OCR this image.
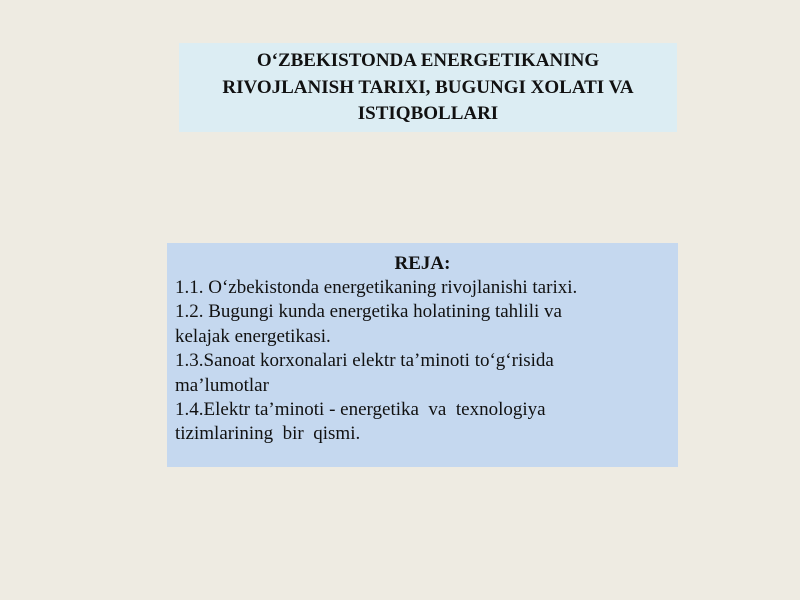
O‘ZBEKISTONDA ENERGETIKANING
RIVOJLANISH TARIXI, BUGUNGI XOLATI VA
ISTIQBOLLARI
REJA:
1.1. O‘zbekistonda energetikaning rivojlanishi tarixi.
1.2. Bugungi kunda energetika holatining tahlili va
kelajak energetikasi.
1.3.Sanoat korxonalari elektr ta’minoti to‘g‘risida
ma’lumotlar
1.4.Elektr ta’minoti - energetika  va  texnologiya
tizimlarining  bir  qismi.
